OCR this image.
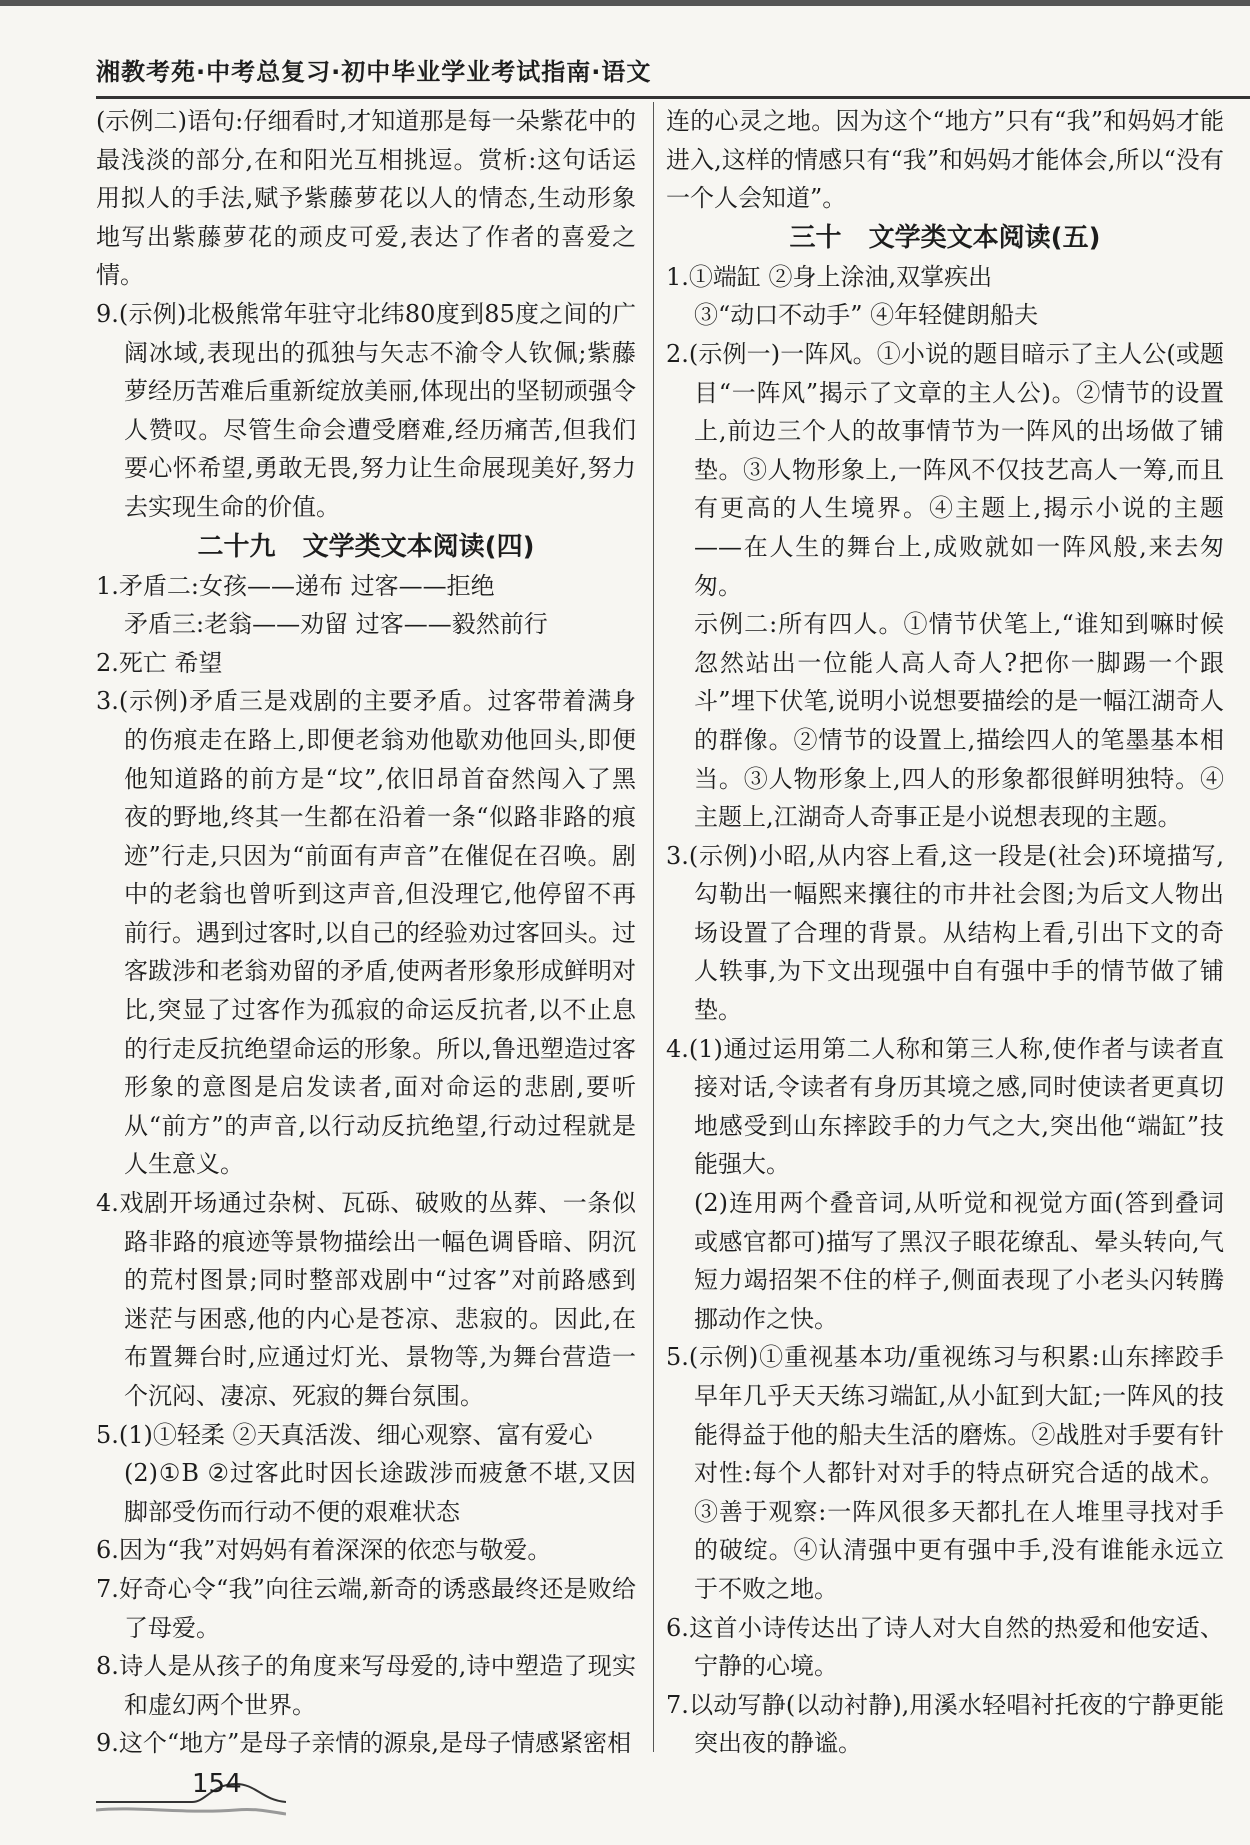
湘教考苑·中考总复习·初中毕业学业考试指南·语文

(示例二)语句:仔细看时,才知道那是每一朵紫花中的最浅淡的部分,在和阳光互相挑逗。赏析:这句话运用拟人的手法,赋予紫藤萝花以人的情态,生动形象地写出紫藤萝花的顽皮可爱,表达了作者的喜爱之情。

9.(示例)北极熊常年驻守北纬80度到85度之间的广阔冰域,表现出的孤独与矢志不渝令人钦佩;紫藤萝经历苦难后重新绽放美丽,体现出的坚韧顽强令人赞叹。尽管生命会遭受磨难,经历痛苦,但我们要心怀希望,勇敢无畏,努力让生命展现美好,努力去实现生命的价值。

二十九   文学类文本阅读(四)

1.矛盾二:女孩——递布 过客——拒绝

矛盾三:老翁——劝留 过客——毅然前行

2.死亡 希望

3.(示例)矛盾三是戏剧的主要矛盾。过客带着满身的伤痕走在路上,即便老翁劝他歇劝他回头,即便他知道路的前方是“坟”,依旧昂首奋然闯入了黑夜的野地,终其一生都在沿着一条“似路非路的痕迹”行走,只因为“前面有声音”在催促在召唤。剧中的老翁也曾听到这声音,但没理它,他停留不再前行。遇到过客时,以自己的经验劝过客回头。过客跋涉和老翁劝留的矛盾,使两者形象形成鲜明对比,突显了过客作为孤寂的命运反抗者,以不止息的行走反抗绝望命运的形象。所以,鲁迅塑造过客形象的意图是启发读者,面对命运的悲剧,要听从“前方”的声音,以行动反抗绝望,行动过程就是人生意义。

4.戏剧开场通过杂树、瓦砾、破败的丛葬、一条似路非路的痕迹等景物描绘出一幅色调昏暗、阴沉的荒村图景;同时整部戏剧中“过客”对前路感到迷茫与困惑,他的内心是苍凉、悲寂的。因此,在布置舞台时,应通过灯光、景物等,为舞台营造一个沉闷、凄凉、死寂的舞台氛围。

5.(1)①轻柔 ②天真活泼、细心观察、富有爱心

(2)①B ②过客此时因长途跋涉而疲惫不堪,又因脚部受伤而行动不便的艰难状态

6.因为“我”对妈妈有着深深的依恋与敬爱。

7.好奇心令“我”向往云端,新奇的诱惑最终还是败给了母爱。

8.诗人是从孩子的角度来写母爱的,诗中塑造了现实和虚幻两个世界。

9.这个“地方”是母子亲情的源泉,是母子情感紧密相

连的心灵之地。因为这个“地方”只有“我”和妈妈才能进入,这样的情感只有“我”和妈妈才能体会,所以“没有一个人会知道”。

三十   文学类文本阅读(五)

1.①端缸 ②身上涂油,双掌疾出

③“动口不动手” ④年轻健朗船夫

2.(示例一)一阵风。①小说的题目暗示了主人公(或题目“一阵风”揭示了文章的主人公)。②情节的设置上,前边三个人的故事情节为一阵风的出场做了铺垫。③人物形象上,一阵风不仅技艺高人一筹,而且有更高的人生境界。④主题上,揭示小说的主题——在人生的舞台上,成败就如一阵风般,来去匆匆。

示例二:所有四人。①情节伏笔上,“谁知到嘛时候忽然站出一位能人高人奇人?把你一脚踢一个跟斗”埋下伏笔,说明小说想要描绘的是一幅江湖奇人的群像。②情节的设置上,描绘四人的笔墨基本相当。③人物形象上,四人的形象都很鲜明独特。④主题上,江湖奇人奇事正是小说想表现的主题。

3.(示例)小昭,从内容上看,这一段是(社会)环境描写,勾勒出一幅熙来攘往的市井社会图;为后文人物出场设置了合理的背景。从结构上看,引出下文的奇人轶事,为下文出现强中自有强中手的情节做了铺垫。

4.(1)通过运用第二人称和第三人称,使作者与读者直接对话,令读者有身历其境之感,同时使读者更真切地感受到山东摔跤手的力气之大,突出他“端缸”技能强大。

(2)连用两个叠音词,从听觉和视觉方面(答到叠词或感官都可)描写了黑汉子眼花缭乱、晕头转向,气短力竭招架不住的样子,侧面表现了小老头闪转腾挪动作之快。

5.(示例)①重视基本功/重视练习与积累:山东摔跤手早年几乎天天练习端缸,从小缸到大缸;一阵风的技能得益于他的船夫生活的磨炼。②战胜对手要有针对性:每个人都针对对手的特点研究合适的战术。③善于观察:一阵风很多天都扎在人堆里寻找对手的破绽。④认清强中更有强中手,没有谁能永远立于不败之地。

6.这首小诗传达出了诗人对大自然的热爱和他安适、宁静的心境。

7.以动写静(以动衬静),用溪水轻唱衬托夜的宁静更能突出夜的静谧。

154
